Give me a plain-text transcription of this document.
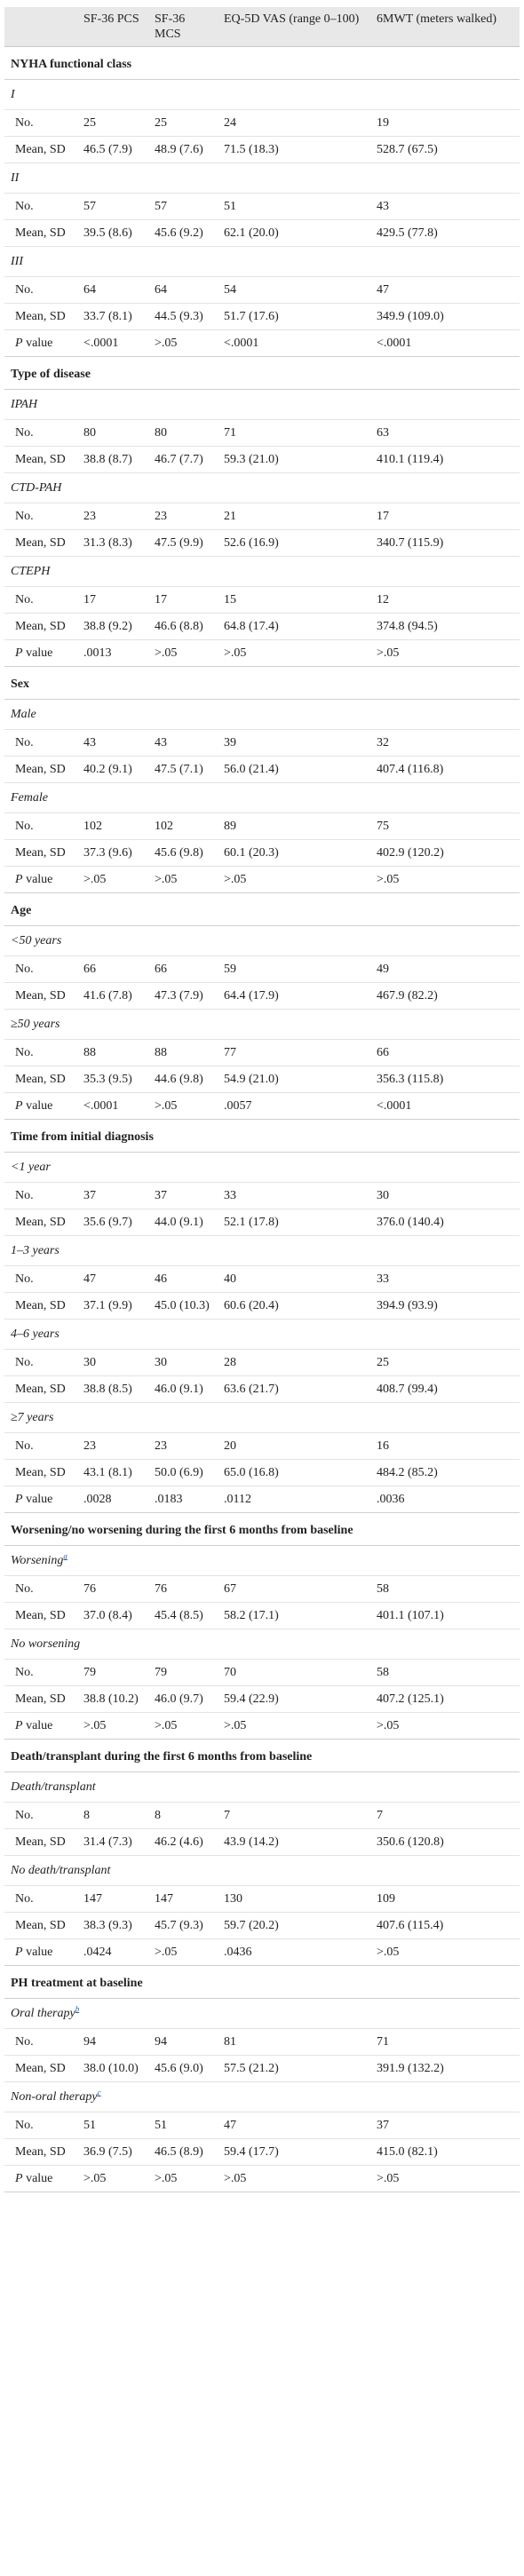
	SF-36 PCS	SF-36 MCS	EQ-5D VAS (range 0–100)	6MWT (meters walked)
NYHA functional class				
I				
No.	25	25	24	19
Mean, SD	46.5 (7.9)	48.9 (7.6)	71.5 (18.3)	528.7 (67.5)
II				
No.	57	57	51	43
Mean, SD	39.5 (8.6)	45.6 (9.2)	62.1 (20.0)	429.5 (77.8)
III				
No.	64	64	54	47
Mean, SD	33.7 (8.1)	44.5 (9.3)	51.7 (17.6)	349.9 (109.0)
P value	<.0001	>.05	<.0001	<.0001
Type of disease				
IPAH				
No.	80	80	71	63
Mean, SD	38.8 (8.7)	46.7 (7.7)	59.3 (21.0)	410.1 (119.4)
CTD-PAH				
No.	23	23	21	17
Mean, SD	31.3 (8.3)	47.5 (9.9)	52.6 (16.9)	340.7 (115.9)
CTEPH				
No.	17	17	15	12
Mean, SD	38.8 (9.2)	46.6 (8.8)	64.8 (17.4)	374.8 (94.5)
P value	.0013	>.05	>.05	>.05
Sex				
Male				
No.	43	43	39	32
Mean, SD	40.2 (9.1)	47.5 (7.1)	56.0 (21.4)	407.4 (116.8)
Female				
No.	102	102	89	75
Mean, SD	37.3 (9.6)	45.6 (9.8)	60.1 (20.3)	402.9 (120.2)
P value	>.05	>.05	>.05	>.05
Age				
<50 years				
No.	66	66	59	49
Mean, SD	41.6 (7.8)	47.3 (7.9)	64.4 (17.9)	467.9 (82.2)
≥50 years				
No.	88	88	77	66
Mean, SD	35.3 (9.5)	44.6 (9.8)	54.9 (21.0)	356.3 (115.8)
P value	<.0001	>.05	.0057	<.0001
Time from initial diagnosis				
<1 year				
No.	37	37	33	30
Mean, SD	35.6 (9.7)	44.0 (9.1)	52.1 (17.8)	376.0 (140.4)
1–3 years				
No.	47	46	40	33
Mean, SD	37.1 (9.9)	45.0 (10.3)	60.6 (20.4)	394.9 (93.9)
4–6 years				
No.	30	30	28	25
Mean, SD	38.8 (8.5)	46.0 (9.1)	63.6 (21.7)	408.7 (99.4)
≥7 years				
No.	23	23	20	16
Mean, SD	43.1 (8.1)	50.0 (6.9)	65.0 (16.8)	484.2 (85.2)
P value	.0028	.0183	.0112	.0036
Worsening/no worsening during the first 6 months from baseline				
Worsening$^a$
No.	76	76	67	58
Mean, SD	37.0 (8.4)	45.4 (8.5)	58.2 (17.1)	401.1 (107.1)
No worsening				
No.	79	79	70	58
Mean, SD	38.8 (10.2)	46.0 (9.7)	59.4 (22.9)	407.2 (125.1)
P value	>.05	>.05	>.05	>.05
Death/transplant during the first 6 months from baseline				
Death/transplant				
No.	8	8	7	7
Mean, SD	31.4 (7.3)	46.2 (4.6)	43.9 (14.2)	350.6 (120.8)
No death/transplant				
No.	147	147	130	109
Mean, SD	38.3 (9.3)	45.7 (9.3)	59.7 (20.2)	407.6 (115.4)
P value	.0424	>.05	.0436	>.05
PH treatment at baseline				
Oral therapy$^b$
No.	94	94	81	71
Mean, SD	38.0 (10.0)	45.6 (9.0)	57.5 (21.2)	391.9 (132.2)
Non-oral therapy$^c$
No.	51	51	47	37
Mean, SD	36.9 (7.5)	46.5 (8.9)	59.4 (17.7)	415.0 (82.1)
P value	>.05	>.05	>.05	>.05
